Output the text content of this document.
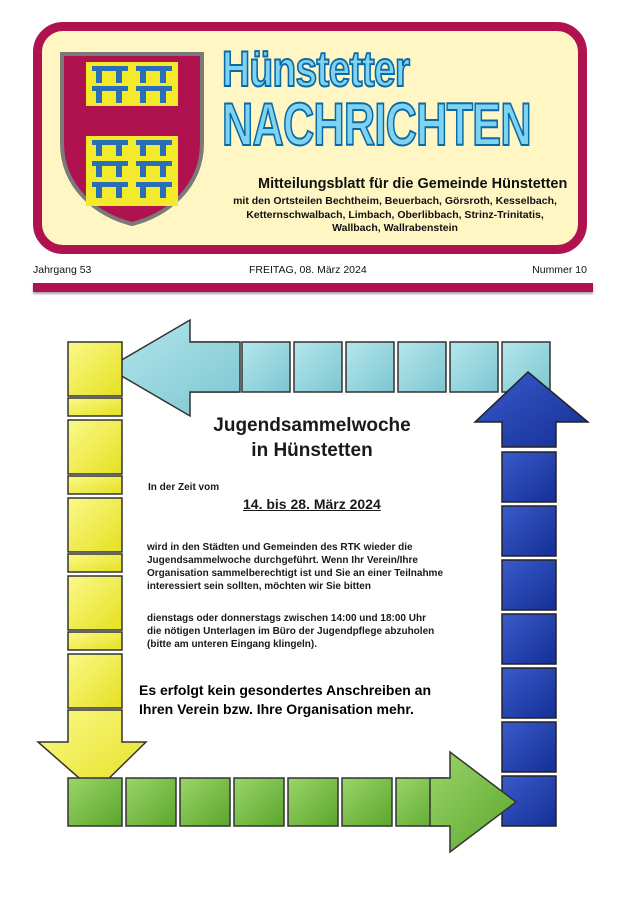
Hünstetter
NACHRICHTEN
Mitteilungsblatt für die Gemeinde Hünstetten
mit den Ortsteilen Bechtheim, Beuerbach, Görsroth, Kesselbach,
Ketternschwalbach, Limbach, Oberlibbach, Strinz-Trinitatis,
Wallbach, Wallrabenstein
Jahrgang 53	FREITAG, 08. März 2024	Nummer 10
Jugendsammelwoche
in Hünstetten
In der Zeit vom
14. bis 28. März 2024
wird in den Städten und Gemeinden des RTK wieder die
Jugendsammelwoche durchgeführt. Wenn Ihr Verein/Ihre
Organisation sammelberechtigt ist und Sie an einer Teilnahme
interessiert sein sollten, möchten wir Sie bitten
dienstags oder donnerstags zwischen 14:00 und 18:00 Uhr
die nötigen Unterlagen im Büro der Jugendpflege abzuholen
(bitte am unteren Eingang klingeln).
Es erfolgt kein gesondertes Anschreiben an
Ihren Verein bzw. Ihre Organisation mehr.
